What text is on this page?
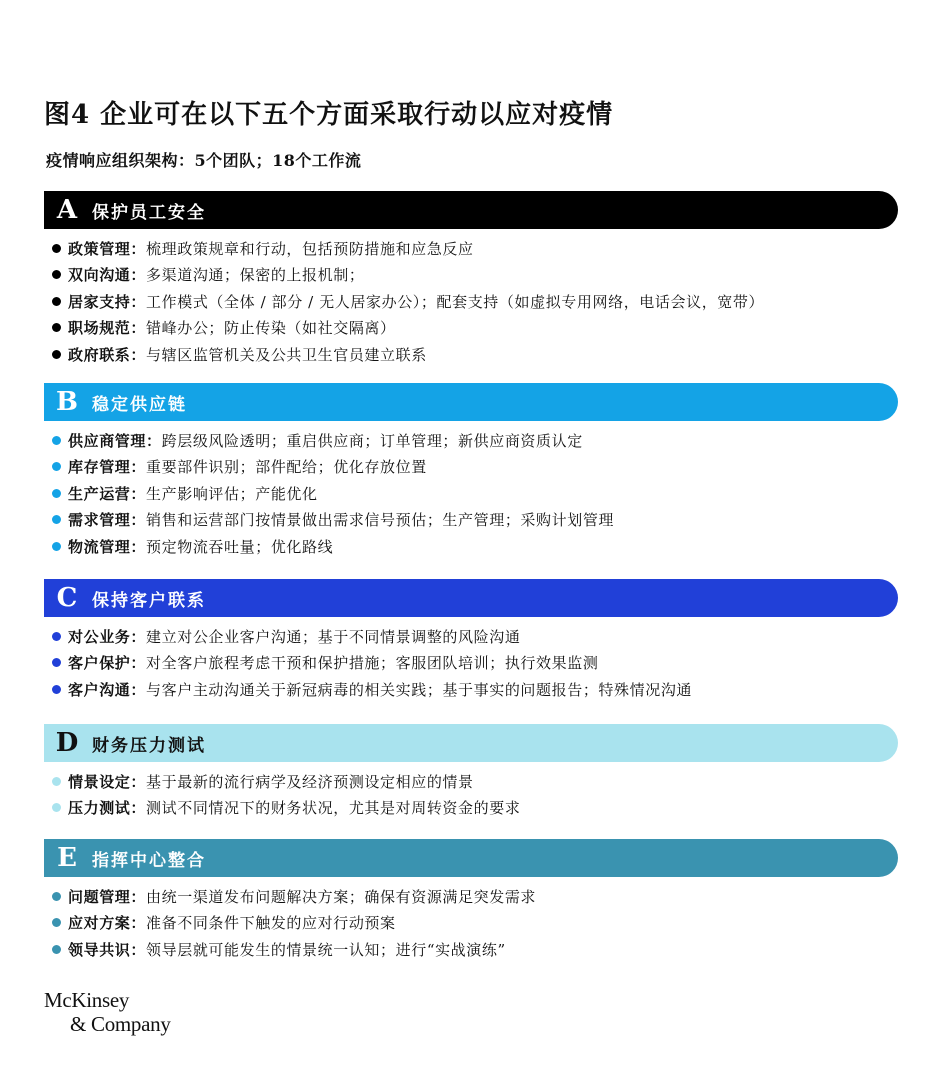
图4 企业可在以下五个方面采取行动以应对疫情
疫情响应组织架构：5个团队；18个工作流
A 保护员工安全
政策管理 ： 梳理政策规章和行动，包括预防措施和应急反应
双向沟通 ： 多渠道沟通；保密的上报机制；
居家支持 ： 工作模式（全体 / 部分 / 无人居家办公）；配套支持（如虚拟专用网络，电话会议，宽带）
职场规范 ： 错峰办公；防止传染（如社交隔离）
政府联系 ： 与辖区监管机关及公共卫生官员建立联系
B 稳定供应链
供应商管理 ： 跨层级风险透明；重启供应商；订单管理；新供应商资质认定
库存管理 ： 重要部件识别；部件配给；优化存放位置
生产运营 ： 生产影响评估；产能优化
需求管理 ： 销售和运营部门按情景做出需求信号预估；生产管理；采购计划管理
物流管理 ： 预定物流吞吐量；优化路线
C 保持客户联系
对公业务 ： 建立对公企业客户沟通；基于不同情景调整的风险沟通
客户保护 ： 对全客户旅程考虑干预和保护措施；客服团队培训；执行效果监测
客户沟通 ： 与客户主动沟通关于新冠病毒的相关实践；基于事实的问题报告；特殊情况沟通
D 财务压力测试
情景设定 ： 基于最新的流行病学及经济预测设定相应的情景
压力测试 ： 测试不同情况下的财务状况，尤其是对周转资金的要求
E 指挥中心整合
问题管理 ： 由统一渠道发布问题解决方案；确保有资源满足突发需求
应对方案 ： 准备不同条件下触发的应对行动预案
领导共识 ： 领导层就可能发生的情景统一认知；进行“实战演练”
McKinsey
& Company
